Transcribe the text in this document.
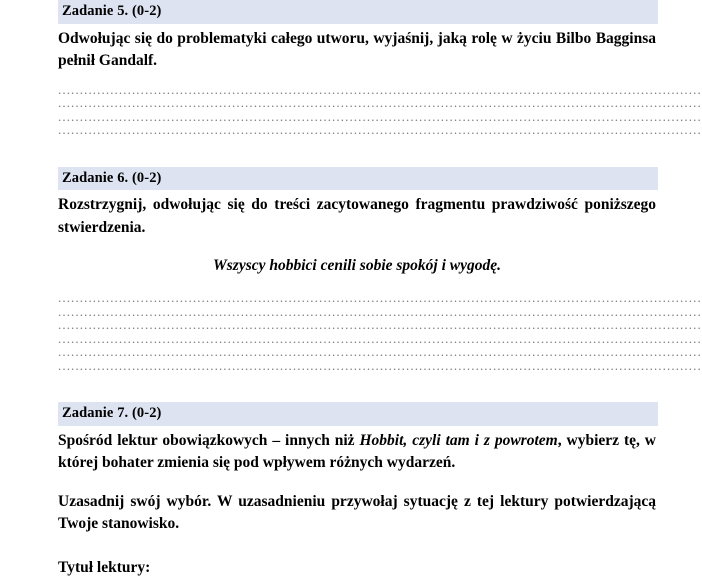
Zadanie 5. (0-2)
Odwołując się do problematyki całego utworu, wyjaśnij, jaką rolę w życiu Bilbo Bagginsa pełnił Gandalf.
....................................................................................................................................................
....................................................................................................................................................
....................................................................................................................................................
....................................................................................................................................................
Zadanie 6. (0-2)
Rozstrzygnij, odwołując się do treści zacytowanego fragmentu prawdziwość poniższego stwierdzenia.
Wszyscy hobbici cenili sobie spokój i wygodę.
....................................................................................................................................................
....................................................................................................................................................
....................................................................................................................................................
....................................................................................................................................................
....................................................................................................................................................
....................................................................................................................................................
Zadanie 7. (0-2)
Spośród lektur obowiązkowych – innych niż Hobbit, czyli tam i z powrotem, wybierz tę, w której bohater zmienia się pod wpływem różnych wydarzeń.
Uzasadnij swój wybór. W uzasadnieniu przywołaj sytuację z tej lektury potwierdzającą Twoje stanowisko.
Tytuł lektury:
